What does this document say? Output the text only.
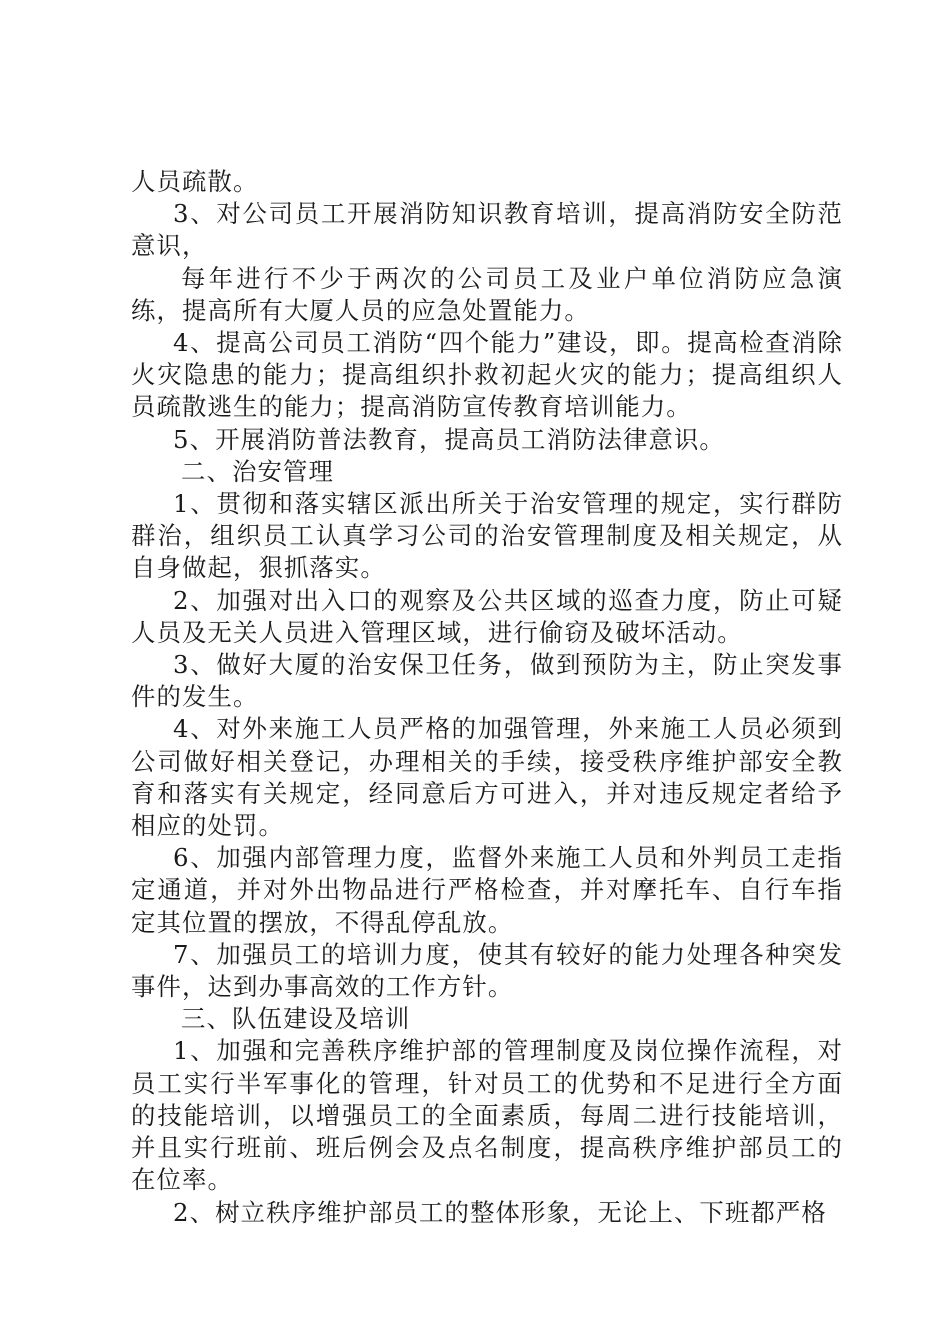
人员疏散。

3、对公司员工开展消防知识教育培训，提高消防安全防范意识，

每年进行不少于两次的公司员工及业户单位消防应急演练，提高所有大厦人员的应急处置能力。

4、提高公司员工消防“四个能力”建设，即。提高检查消除火灾隐患的能力；提高组织扑救初起火灾的能力；提高组织人员疏散逃生的能力；提高消防宣传教育培训能力。

5、开展消防普法教育，提高员工消防法律意识。

二、治安管理

1、贯彻和落实辖区派出所关于治安管理的规定，实行群防群治，组织员工认真学习公司的治安管理制度及相关规定，从自身做起，狠抓落实。

2、加强对出入口的观察及公共区域的巡查力度，防止可疑人员及无关人员进入管理区域，进行偷窃及破坏活动。

3、做好大厦的治安保卫任务，做到预防为主，防止突发事件的发生。

4、对外来施工人员严格的加强管理，外来施工人员必须到公司做好相关登记，办理相关的手续，接受秩序维护部安全教育和落实有关规定，经同意后方可进入，并对违反规定者给予相应的处罚。

6、加强内部管理力度，监督外来施工人员和外判员工走指定通道，并对外出物品进行严格检查，并对摩托车、自行车指定其位置的摆放，不得乱停乱放。

7、加强员工的培训力度，使其有较好的能力处理各种突发事件，达到办事高效的工作方针。

三、队伍建设及培训

1、加强和完善秩序维护部的管理制度及岗位操作流程，对员工实行半军事化的管理，针对员工的优势和不足进行全方面的技能培训，以增强员工的全面素质，每周二进行技能培训，并且实行班前、班后例会及点名制度，提高秩序维护部员工的在位率。

2、树立秩序维护部员工的整体形象，无论上、下班都严格
